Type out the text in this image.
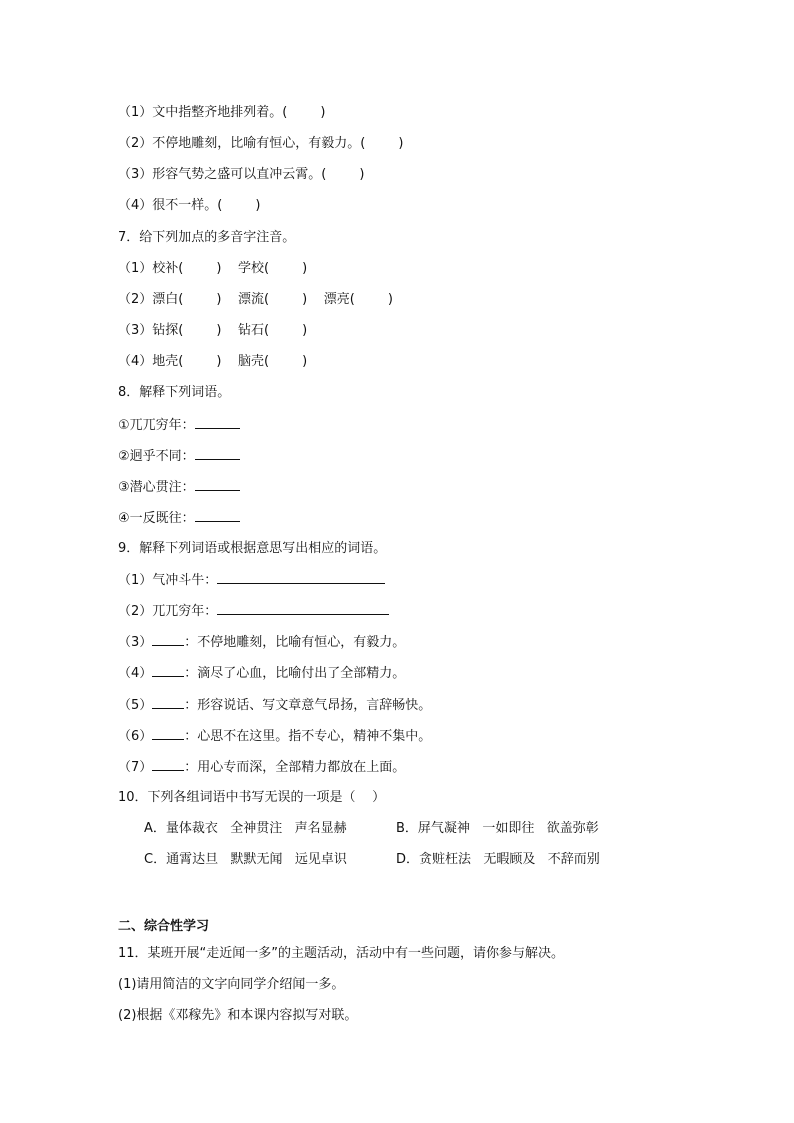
（1）文中指整齐地排列着。(        )
（2）不停地雕刻，比喻有恒心，有毅力。(        )
（3）形容气势之盛可以直冲云霄。(        )
（4）很不一样。(        )
7．给下列加点的多音字注音。
（1）校补(        )    学校(        )
（2）漂白(        )    漂流(        )    漂亮(        )
（3）钻探(        )    钻石(        )
（4）地壳(        )    脑壳(        )
8．解释下列词语。
①兀兀穷年：
②迥乎不同：
③潜心贯注：
④一反既往：
9．解释下列词语或根据意思写出相应的词语。
（1）气冲斗牛：
（2）兀兀穷年：
（3） ：不停地雕刻，比喻有恒心，有毅力。
（4） ：滴尽了心血，比喻付出了全部精力。
（5） ：形容说话、写文章意气昂扬，言辞畅快。
（6） ：心思不在这里。指不专心，精神不集中。
（7） ：用心专而深，全部精力都放在上面。
10．下列各组词语中书写无误的一项是（    ）
A．量体裁衣   全神贯注   声名显赫	B．屏气凝神   一如即往   欲盖弥彰
C．通霄达旦   默默无闻   远见卓识	D．贪赃枉法   无暇顾及   不辞而别
二、综合性学习
11．某班开展“走近闻一多”的主题活动，活动中有一些问题，请你参与解决。
(1)请用简洁的文字向同学介绍闻一多。
(2)根据《邓稼先》和本课内容拟写对联。
